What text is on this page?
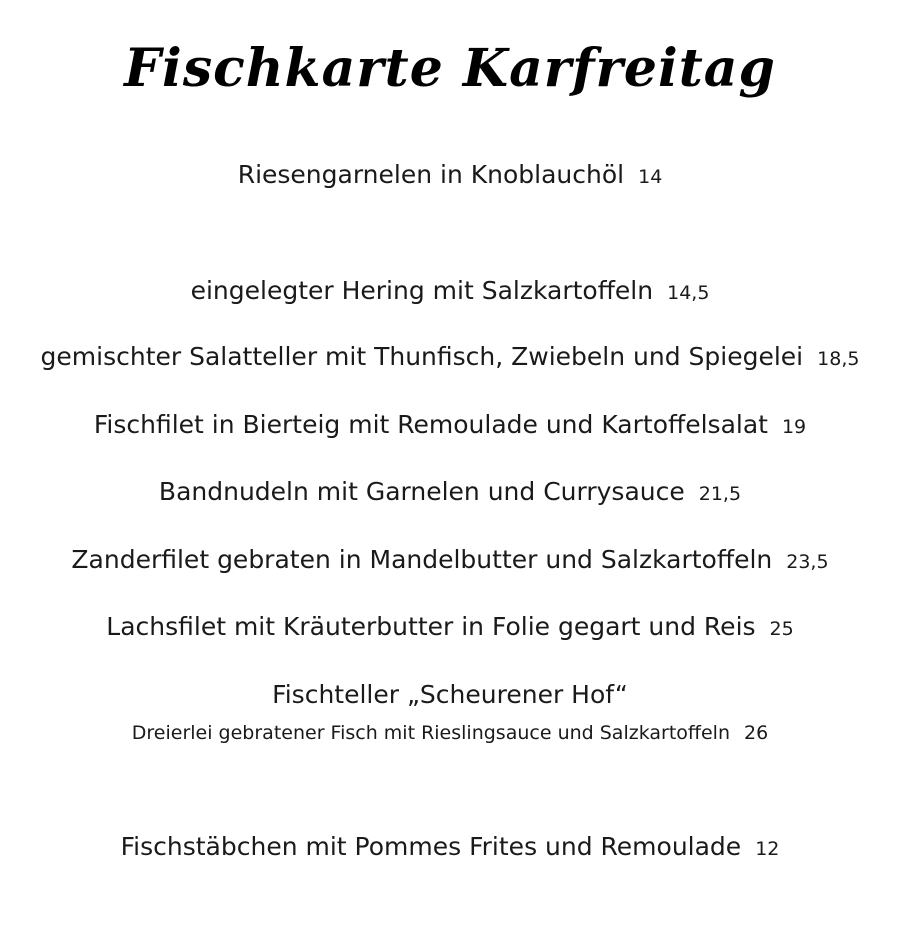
Fischkarte Karfreitag
Riesengarnelen in Knoblauchöl 14
eingelegter Hering mit Salzkartoffeln 14,5
gemischter Salatteller mit Thunfisch, Zwiebeln und Spiegelei 18,5
Fischfilet in Bierteig mit Remoulade und Kartoffelsalat 19
Bandnudeln mit Garnelen und Currysauce 21,5
Zanderfilet gebraten in Mandelbutter und Salzkartoffeln 23,5
Lachsfilet mit Kräuterbutter in Folie gegart und Reis 25
Fischteller „Scheurener Hof“
Dreierlei gebratener Fisch mit Rieslingsauce und Salzkartoffeln 26
Fischstäbchen mit Pommes Frites und Remoulade 12
